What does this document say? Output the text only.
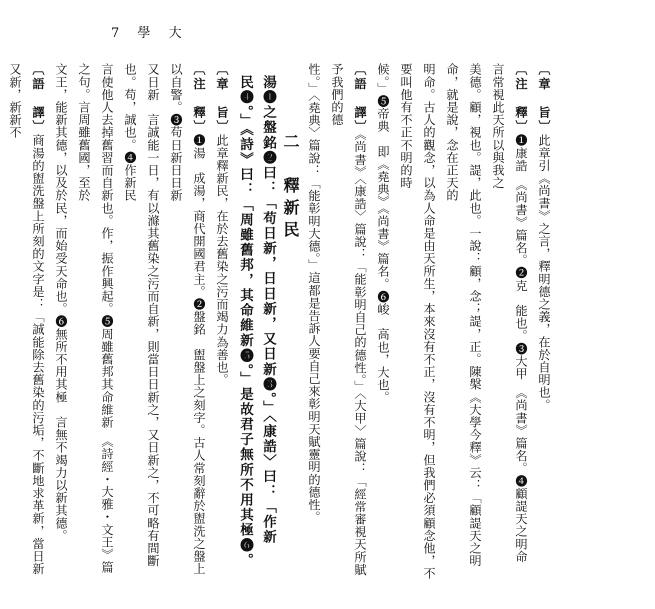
7 學 大

〔章　旨〕此章引《尚書》之言，釋明德之義，在於自明也。

〔注　釋〕❶康誥　《尚書》篇名。❷克　能也。❸大甲　《尚書》篇名。❹顧諟天之明命　言常視此天所以與我之

美德。顧，視也。諟，此也。一說：顧，念；諟，正。陳槃《大學今釋》云：「顧諟天之明命，就是說，念在正天的

明命。古人的觀念，以為人命是由天所生，本來沒有不正，沒有不明，但我們必須顧念他，不要叫他有不正不明的時

候。」❺帝典　即《堯典》《尚書》篇名。❻峻　高也，大也。

〔語　譯〕《尚書》〈康誥〉篇說：「能彰明自己的德性。」〈大甲〉篇說：「經常審視天所賦予我們的德

性。」〈堯典〉篇說：「能彰明大德。」這都是告訴人要自己來彰明天賦靈明的德性。

二　釋新民

湯❶之盤銘❷曰：「苟日新，日日新，又日新❸。」〈康誥〉曰：「作新

民❹。」《詩》曰：「周雖舊邦，其命維新❺。」是故君子無所不用其極❻。

〔章　旨〕此章釋新民，在於去舊染之污而竭力為善也。

〔注　釋〕❶湯　成湯，商代開國君主。❷盤銘　盥盤上之刻字。古人常刻辭於盥洗之盤上以自警。❸苟日新日日新

又日新　言誠能一日，有以滌其舊染之污而自新，則當日日新之，又日新之，不可略有間斷也。苟，誠也。❹作新民

言使他人去掉舊習而自新也。作，振作興起。❺周雖舊邦其命維新　《詩經・大雅・文王》篇之句。言周雖舊國，至於

文王，能新其德，以及於民，而始受天命也。❻無所不用其極　言無不竭力以新其德。

〔語　譯〕商湯的盥洗盤上所刻的文字是：「誠能除去舊染的污垢，不斷地求革新，當日新又新，新新不
